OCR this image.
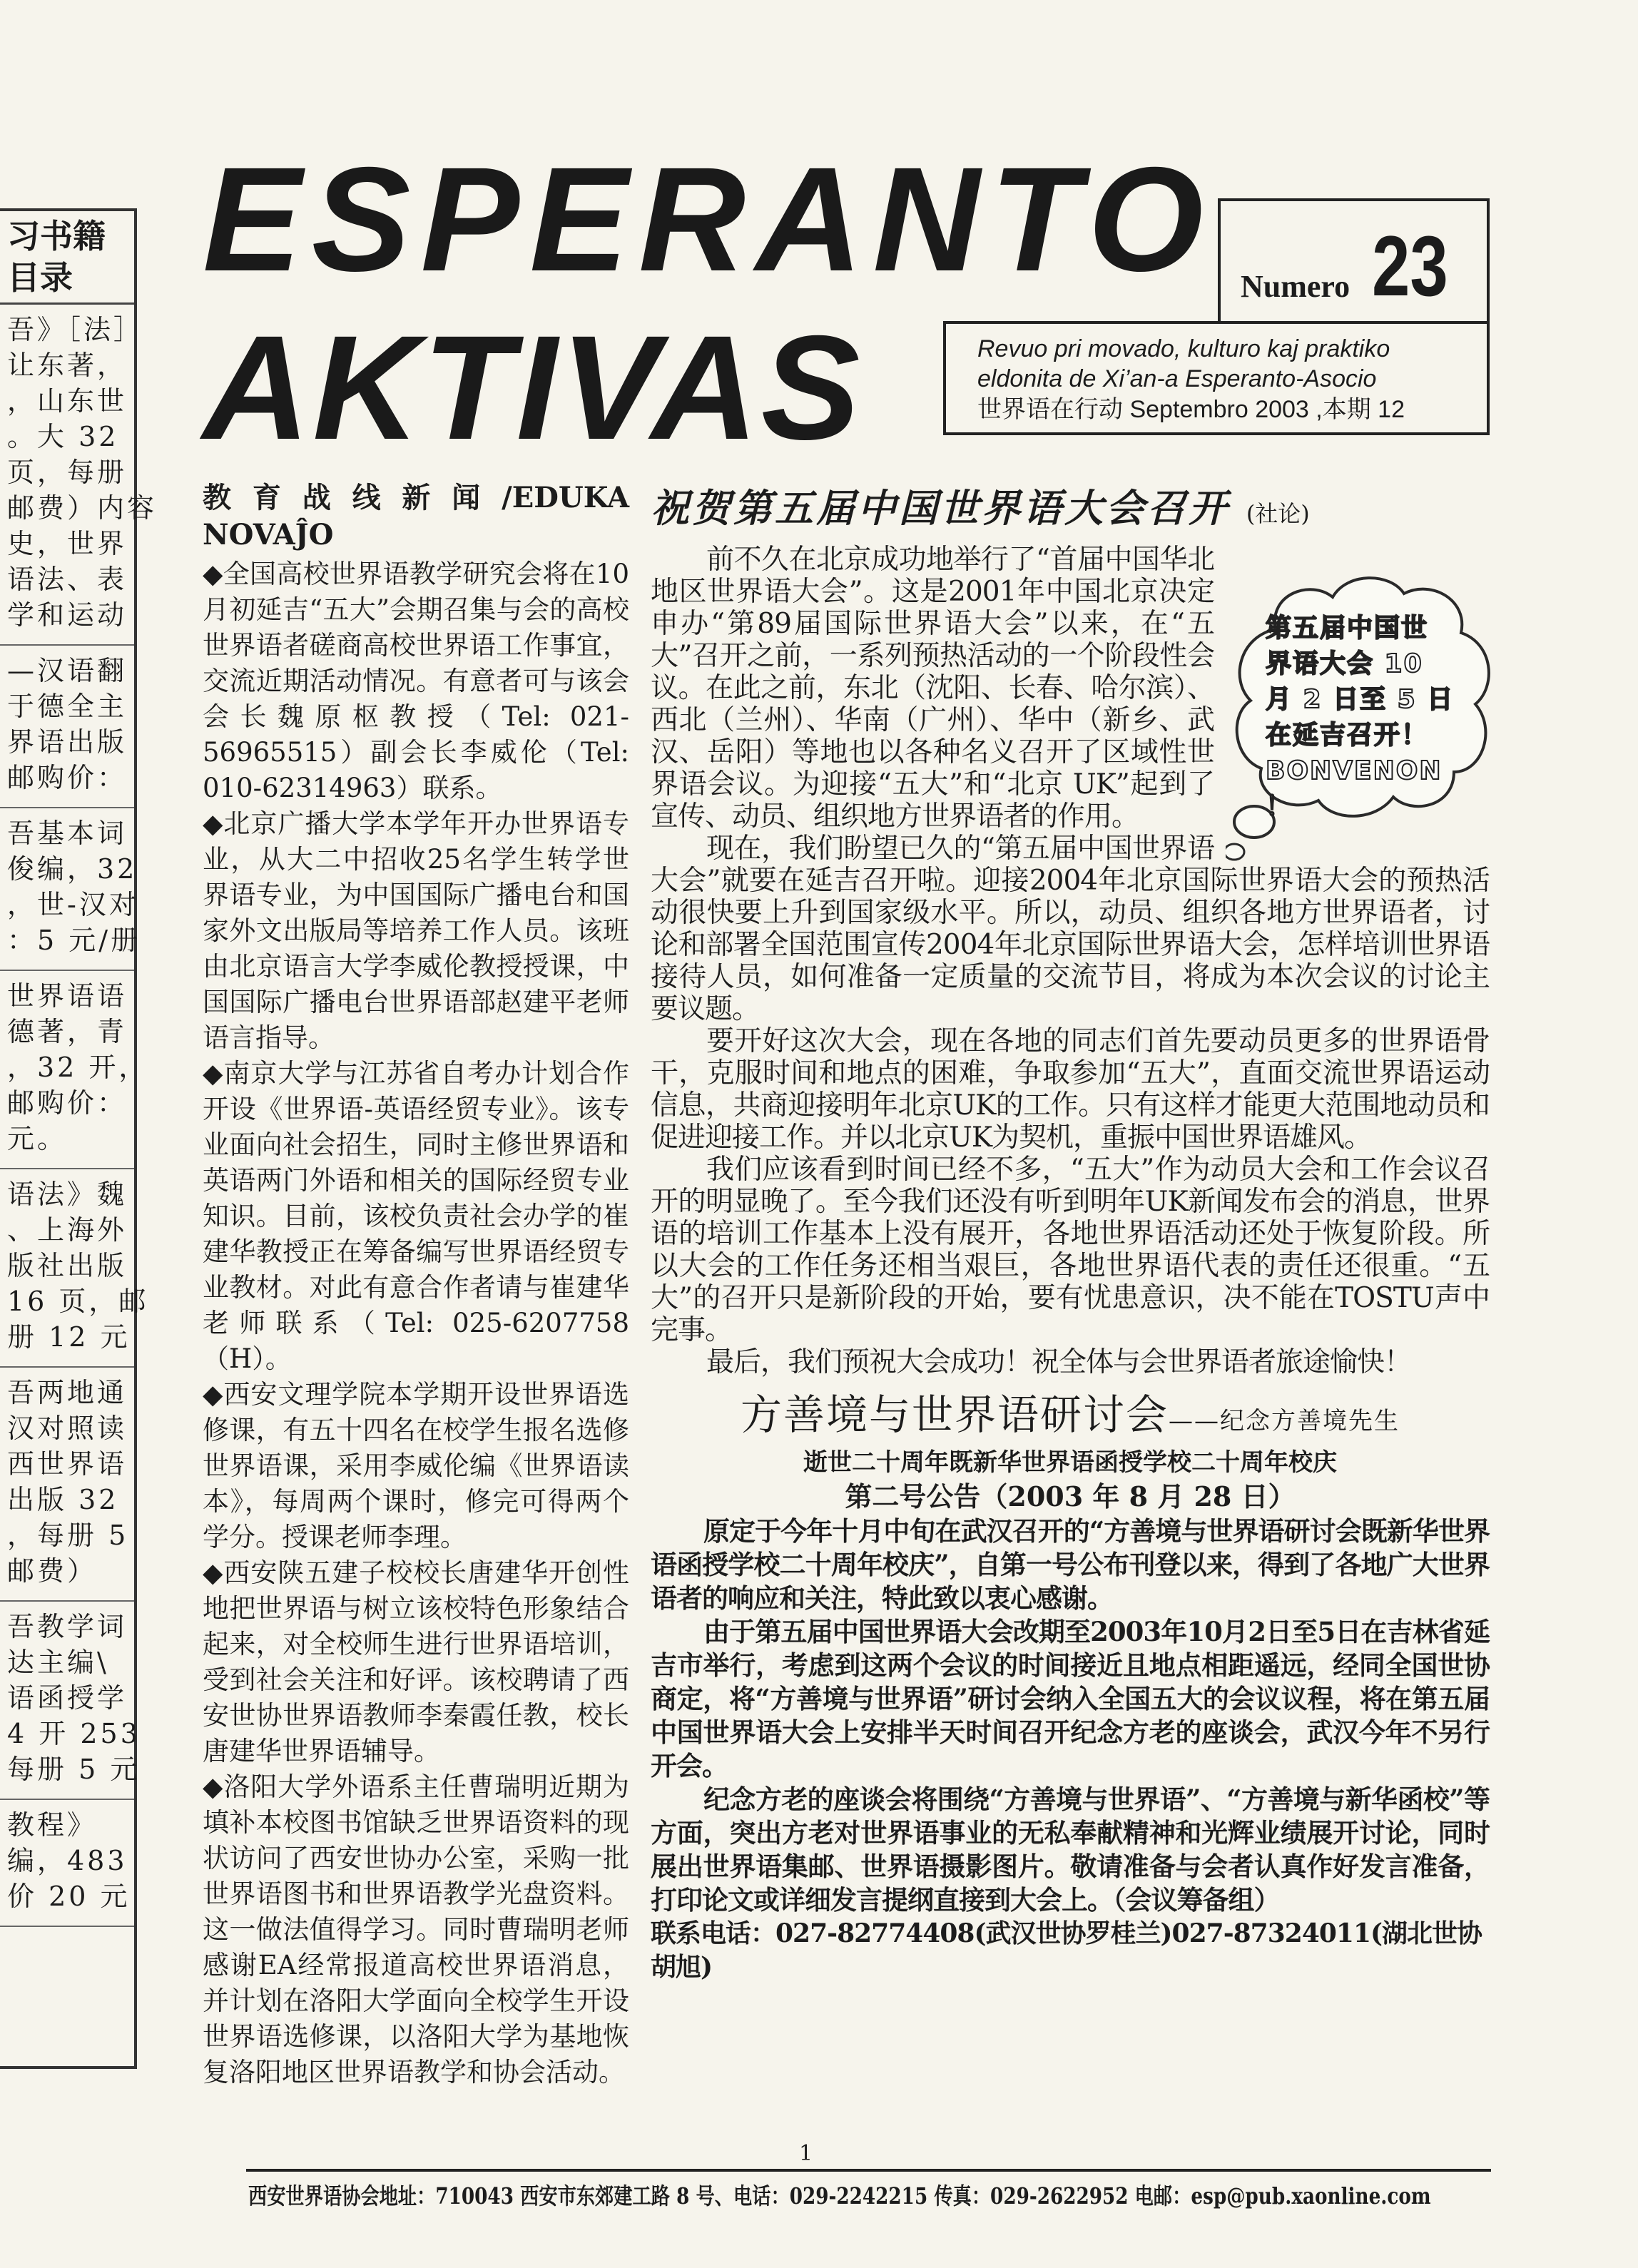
习书籍
目录
吾》［法］
让东著，
，山东世
。大 32
页，每册
邮费）内容
史，世界
语法、表
学和运动
—汉语翻
于德全主
界语出版
邮购价：
吾基本词
俊编，32
，世-汉对
：5 元/册
世界语语
德著，青
，32 开，
邮购价：
元。
语法》魏
、上海外
版社出版
16 页，邮
册 12 元
吾两地通
汉对照读
西世界语
出版 32
，每册 5
邮费）
吾教学词
达主编\
语函授学
4 开 253
每册 5 元
教程》
编，483
价 20 元
ESPERANTO
AKTIVAS
Numero 23
Revuo pri movado, kulturo kaj praktiko
eldonita de Xi’an-a Esperanto-Asocio
世界语在行动 Septembro 2003 ,本期 12
教育战线新闻/EDUKA NOVAĴO

◆全国高校世界语教学研究会将在10月初延吉“五大”会期召集与会的高校世界语者磋商高校世界语工作事宜，交流近期活动情况。有意者可与该会会长魏原枢教授（Tel: 021-56965515）副会长李威伦（Tel: 010-62314963）联系。

◆北京广播大学本学年开办世界语专业，从大二中招收25名学生转学世界语专业，为中国国际广播电台和国家外文出版局等培养工作人员。该班由北京语言大学李威伦教授授课，中国国际广播电台世界语部赵建平老师语言指导。

◆南京大学与江苏省自考办计划合作开设《世界语-英语经贸专业》。该专业面向社会招生，同时主修世界语和英语两门外语和相关的国际经贸专业知识。目前，该校负责社会办学的崔建华教授正在筹备编写世界语经贸专业教材。对此有意合作者请与崔建华老师联系（Tel: 025-6207758（H）。

◆西安文理学院本学期开设世界语选修课，有五十四名在校学生报名选修世界语课，采用李威伦编《世界语读本》，每周两个课时，修完可得两个学分。授课老师李理。

◆西安陕五建子校校长唐建华开创性地把世界语与树立该校特色形象结合起来，对全校师生进行世界语培训，受到社会关注和好评。该校聘请了西安世协世界语教师李秦霞任教，校长唐建华世界语辅导。

◆洛阳大学外语系主任曹瑞明近期为填补本校图书馆缺乏世界语资料的现状访问了西安世协办公室，采购一批世界语图书和世界语教学光盘资料。这一做法值得学习。同时曹瑞明老师感谢EA经常报道高校世界语消息，并计划在洛阳大学面向全校学生开设世界语选修课，以洛阳大学为基地恢复洛阳地区世界语教学和协会活动。

祝贺第五届中国世界语大会召开 (社论)
第五届中国世
界语大会 10
月 2 日至 5 日
在延吉召开！
BONVENON ！

前不久在北京成功地举行了“首届中国华北地区世界语大会”。这是2001年中国北京决定申办“第89届国际世界语大会”以来，在“五大”召开之前，一系列预热活动的一个阶段性会议。在此之前，东北（沈阳、长春、哈尔滨）、西北（兰州）、华南（广州）、华中（新乡、武汉、岳阳）等地也以各种名义召开了区域性世界语会议。为迎接“五大”和“北京 UK”起到了宣传、动员、组织地方世界语者的作用。

现在，我们盼望已久的“第五届中国世界语大会”就要在延吉召开啦。迎接2004年北京国际世界语大会的预热活动很快要上升到国家级水平。所以，动员、组织各地方世界语者，讨论和部署全国范围宣传2004年北京国际世界语大会，怎样培训世界语接待人员，如何准备一定质量的交流节目，将成为本次会议的讨论主要议题。

要开好这次大会，现在各地的同志们首先要动员更多的世界语骨干，克服时间和地点的困难，争取参加“五大”，直面交流世界语运动信息，共商迎接明年北京UK的工作。只有这样才能更大范围地动员和促进迎接工作。并以北京UK为契机，重振中国世界语雄风。

我们应该看到时间已经不多，“五大”作为动员大会和工作会议召开的明显晚了。至今我们还没有听到明年UK新闻发布会的消息，世界语的培训工作基本上没有展开，各地世界语活动还处于恢复阶段。所以大会的工作任务还相当艰巨，各地世界语代表的责任还很重。“五大”的召开只是新阶段的开始，要有忧患意识，决不能在TOSTU声中完事。

最后，我们预祝大会成功！祝全体与会世界语者旅途愉快！

方善境与世界语研讨会——纪念方善境先生
逝世二十周年既新华世界语函授学校二十周年校庆
第二号公告（2003 年 8 月 28 日）

原定于今年十月中旬在武汉召开的“方善境与世界语研讨会既新华世界语函授学校二十周年校庆”，自第一号公布刊登以来，得到了各地广大世界语者的响应和关注，特此致以衷心感谢。

由于第五届中国世界语大会改期至2003年10月2日至5日在吉林省延吉市举行，考虑到这两个会议的时间接近且地点相距遥远，经同全国世协商定，将“方善境与世界语”研讨会纳入全国五大的会议议程，将在第五届中国世界语大会上安排半天时间召开纪念方老的座谈会，武汉今年不另行开会。

纪念方老的座谈会将围绕“方善境与世界语”、“方善境与新华函校”等方面，突出方老对世界语事业的无私奉献精神和光辉业绩展开讨论，同时展出世界语集邮、世界语摄影图片。敬请准备与会者认真作好发言准备，打印论文或详细发言提纲直接到大会上。（会议筹备组）

联系电话：027-82774408(武汉世协罗桂兰)027-87324011(湖北世协胡旭)
1
西安世界语协会地址：710043 西安市东郊建工路 8 号、电话：029-2242215 传真：029-2622952 电邮：esp@pub.xaonline.com
